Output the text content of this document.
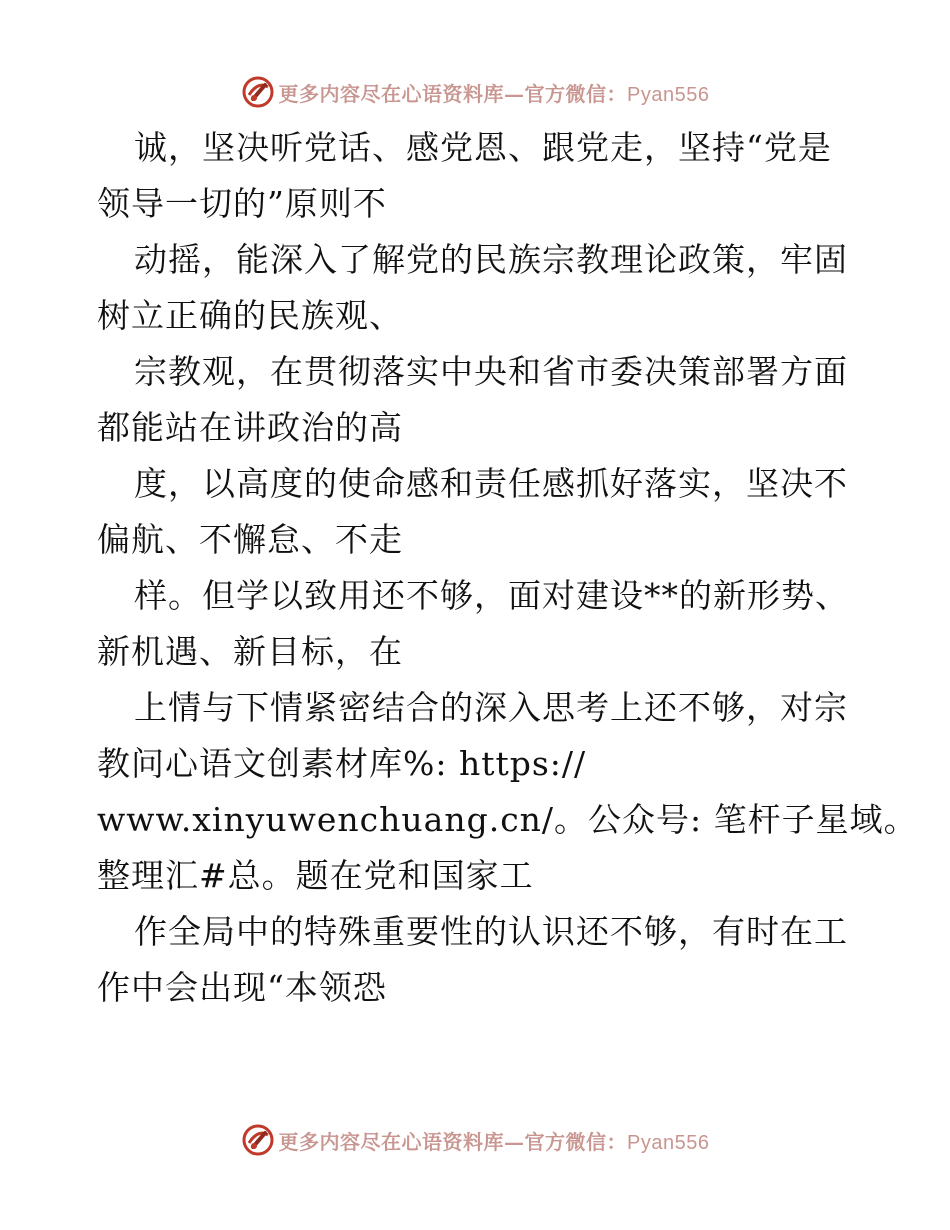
更多内容尽在心语资料库—官方微信：Pyan556
诚，坚决听党话、感党恩、跟党走，坚持“党是
领导一切的”原则不
动摇，能深入了解党的民族宗教理论政策，牢固
树立正确的民族观、
宗教观，在贯彻落实中央和省市委决策部署方面
都能站在讲政治的高
度，以高度的使命感和责任感抓好落实，坚决不
偏航、不懈怠、不走
样。但学以致用还不够，面对建设**的新形势、
新机遇、新目标，在
上情与下情紧密结合的深入思考上还不够，对宗
教问心语文创素材库%: https://
www.xinyuwenchuang.cn/。公众号: 笔杆子星域。
整理汇#总。题在党和国家工
作全局中的特殊重要性的认识还不够，有时在工
作中会出现“本领恐
更多内容尽在心语资料库—官方微信：Pyan556
